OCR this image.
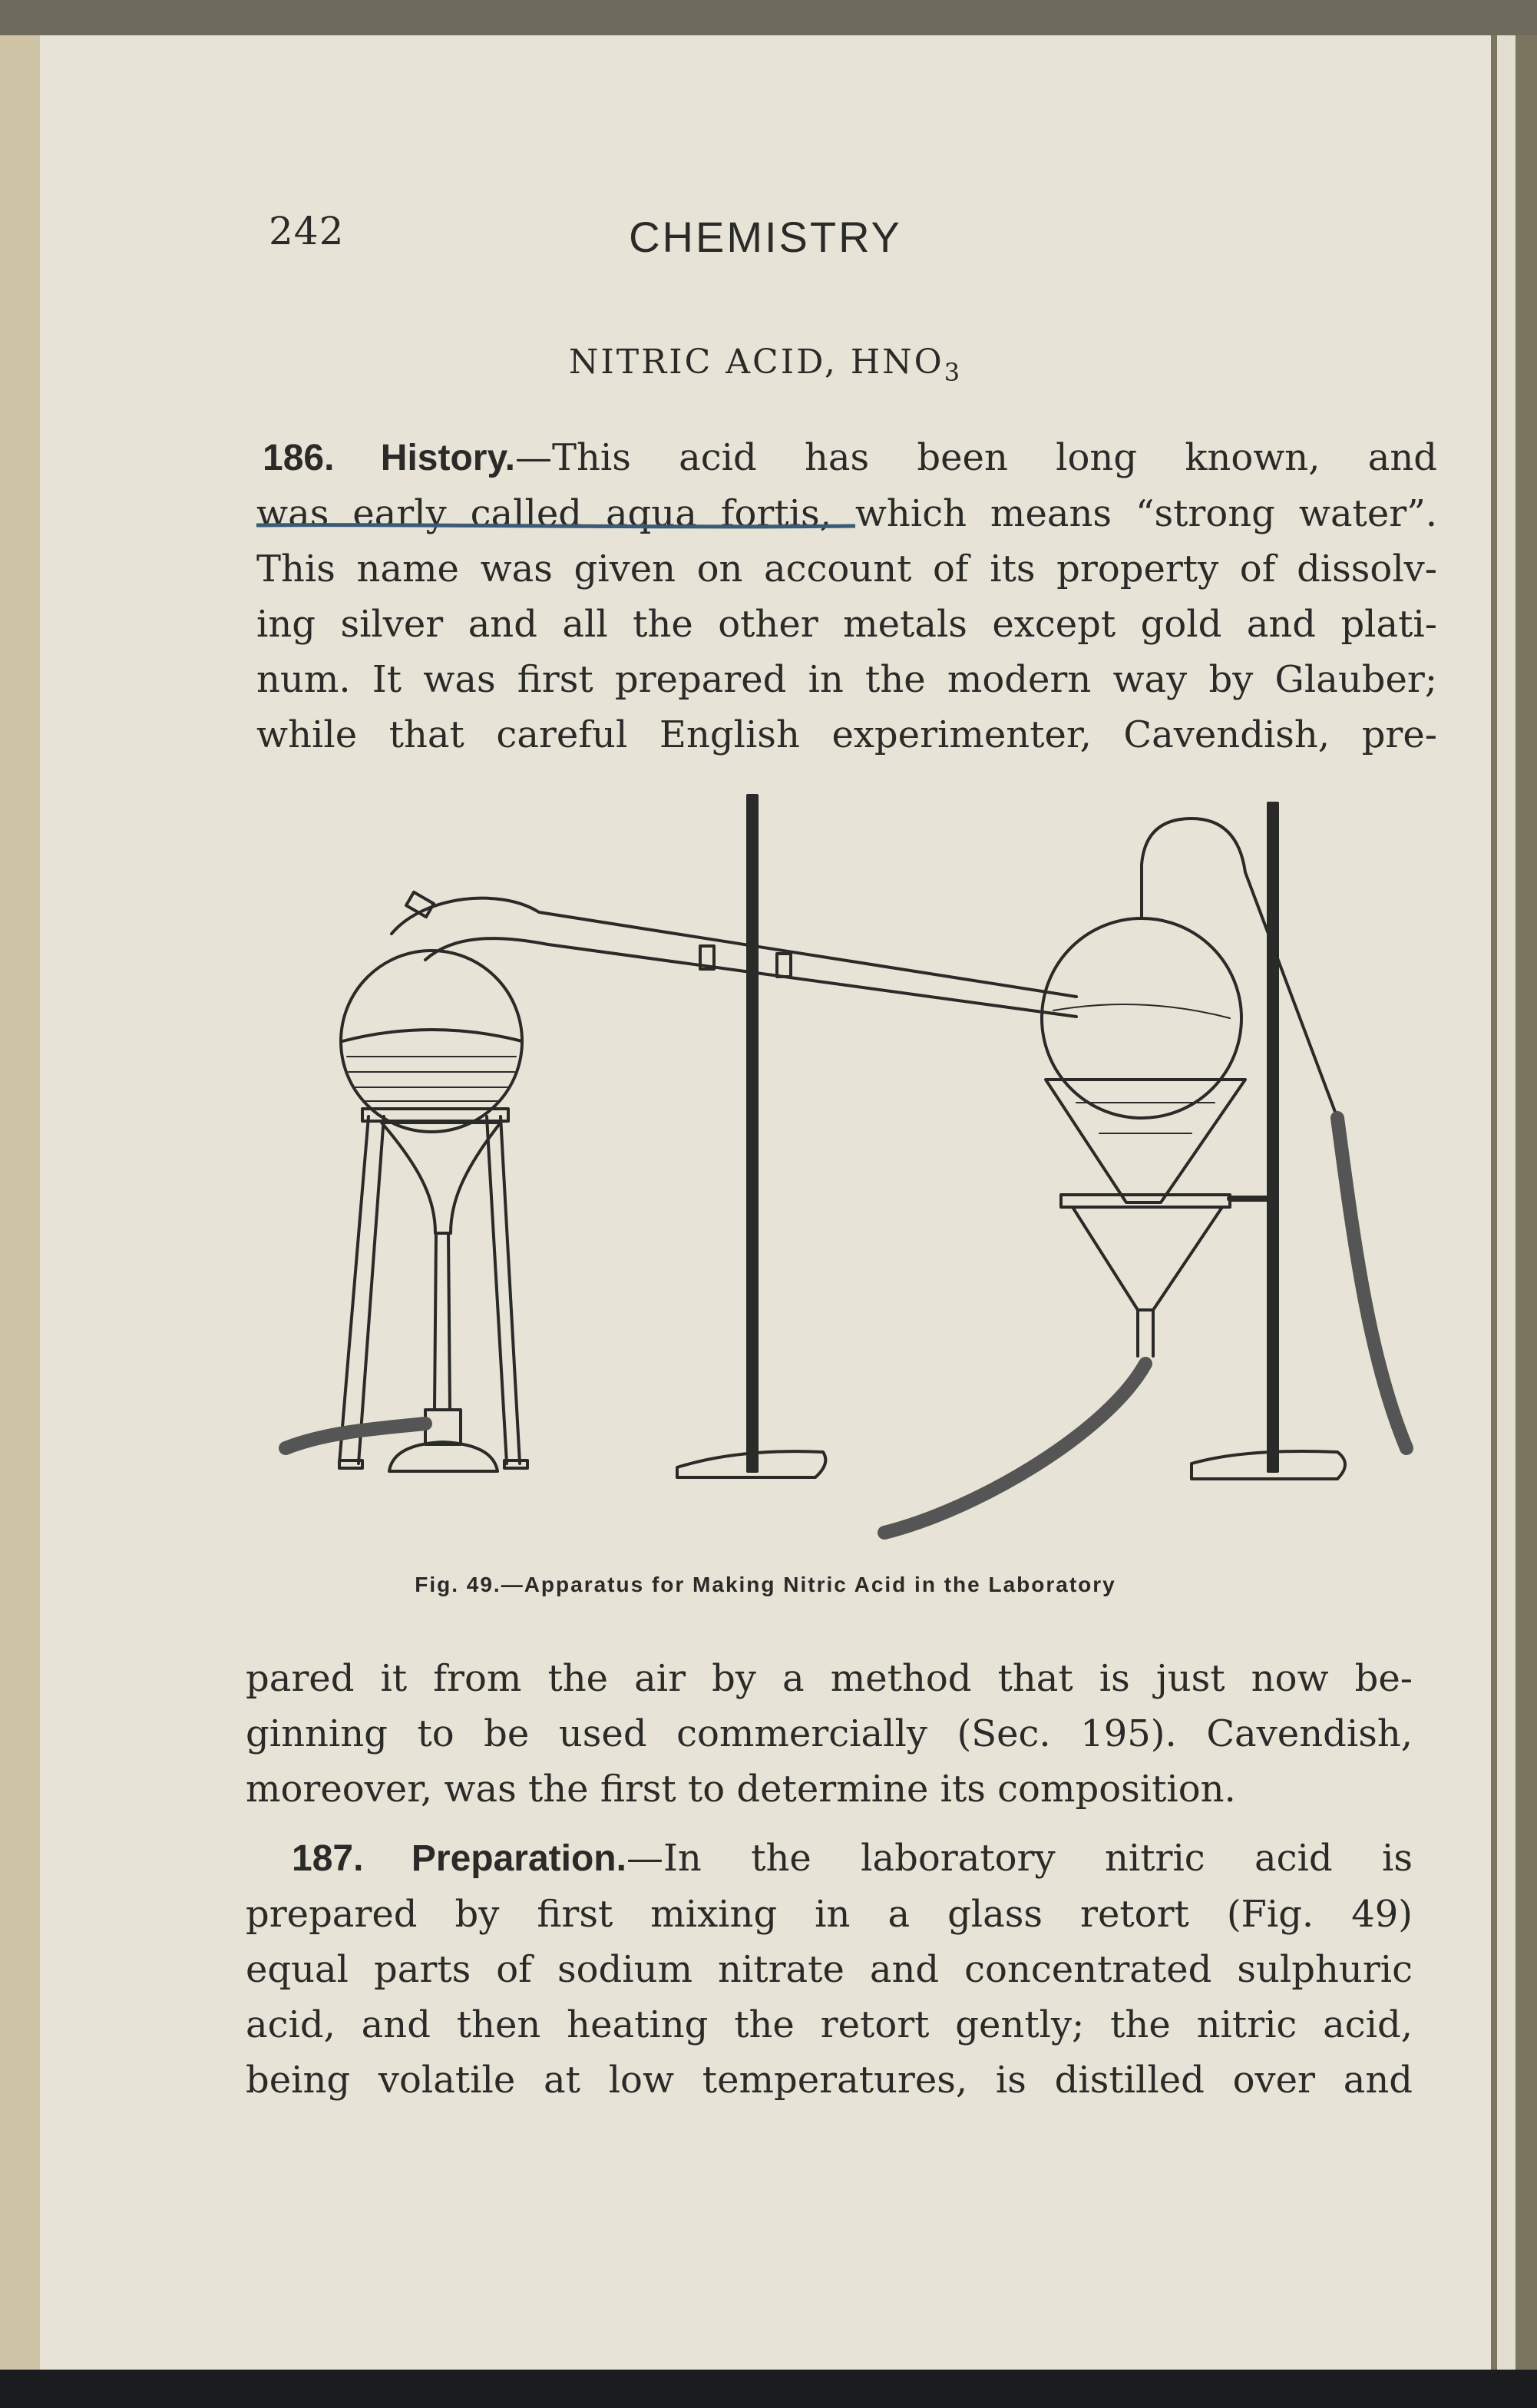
242	CHEMISTRY
NITRIC ACID, $HNO_3$
186. History.—This acid has been long known, and
was early called aqua fortis, which means “strong water”.
This name was given on account of its property of dissolv-
ing silver and all the other metals except gold and plati-
num. It was first prepared in the modern way by Glauber;
while that careful English experimenter, Cavendish, pre-
Fig. 49.—Apparatus for Making Nitric Acid in the Laboratory
pared it from the air by a method that is just now be-
ginning to be used commercially (Sec. 195). Cavendish,
moreover, was the first to determine its composition.
187. Preparation.—In the laboratory nitric acid is
prepared by first mixing in a glass retort (Fig. 49)
equal parts of sodium nitrate and concentrated sulphuric
acid, and then heating the retort gently; the nitric acid,
being volatile at low temperatures, is distilled over and
